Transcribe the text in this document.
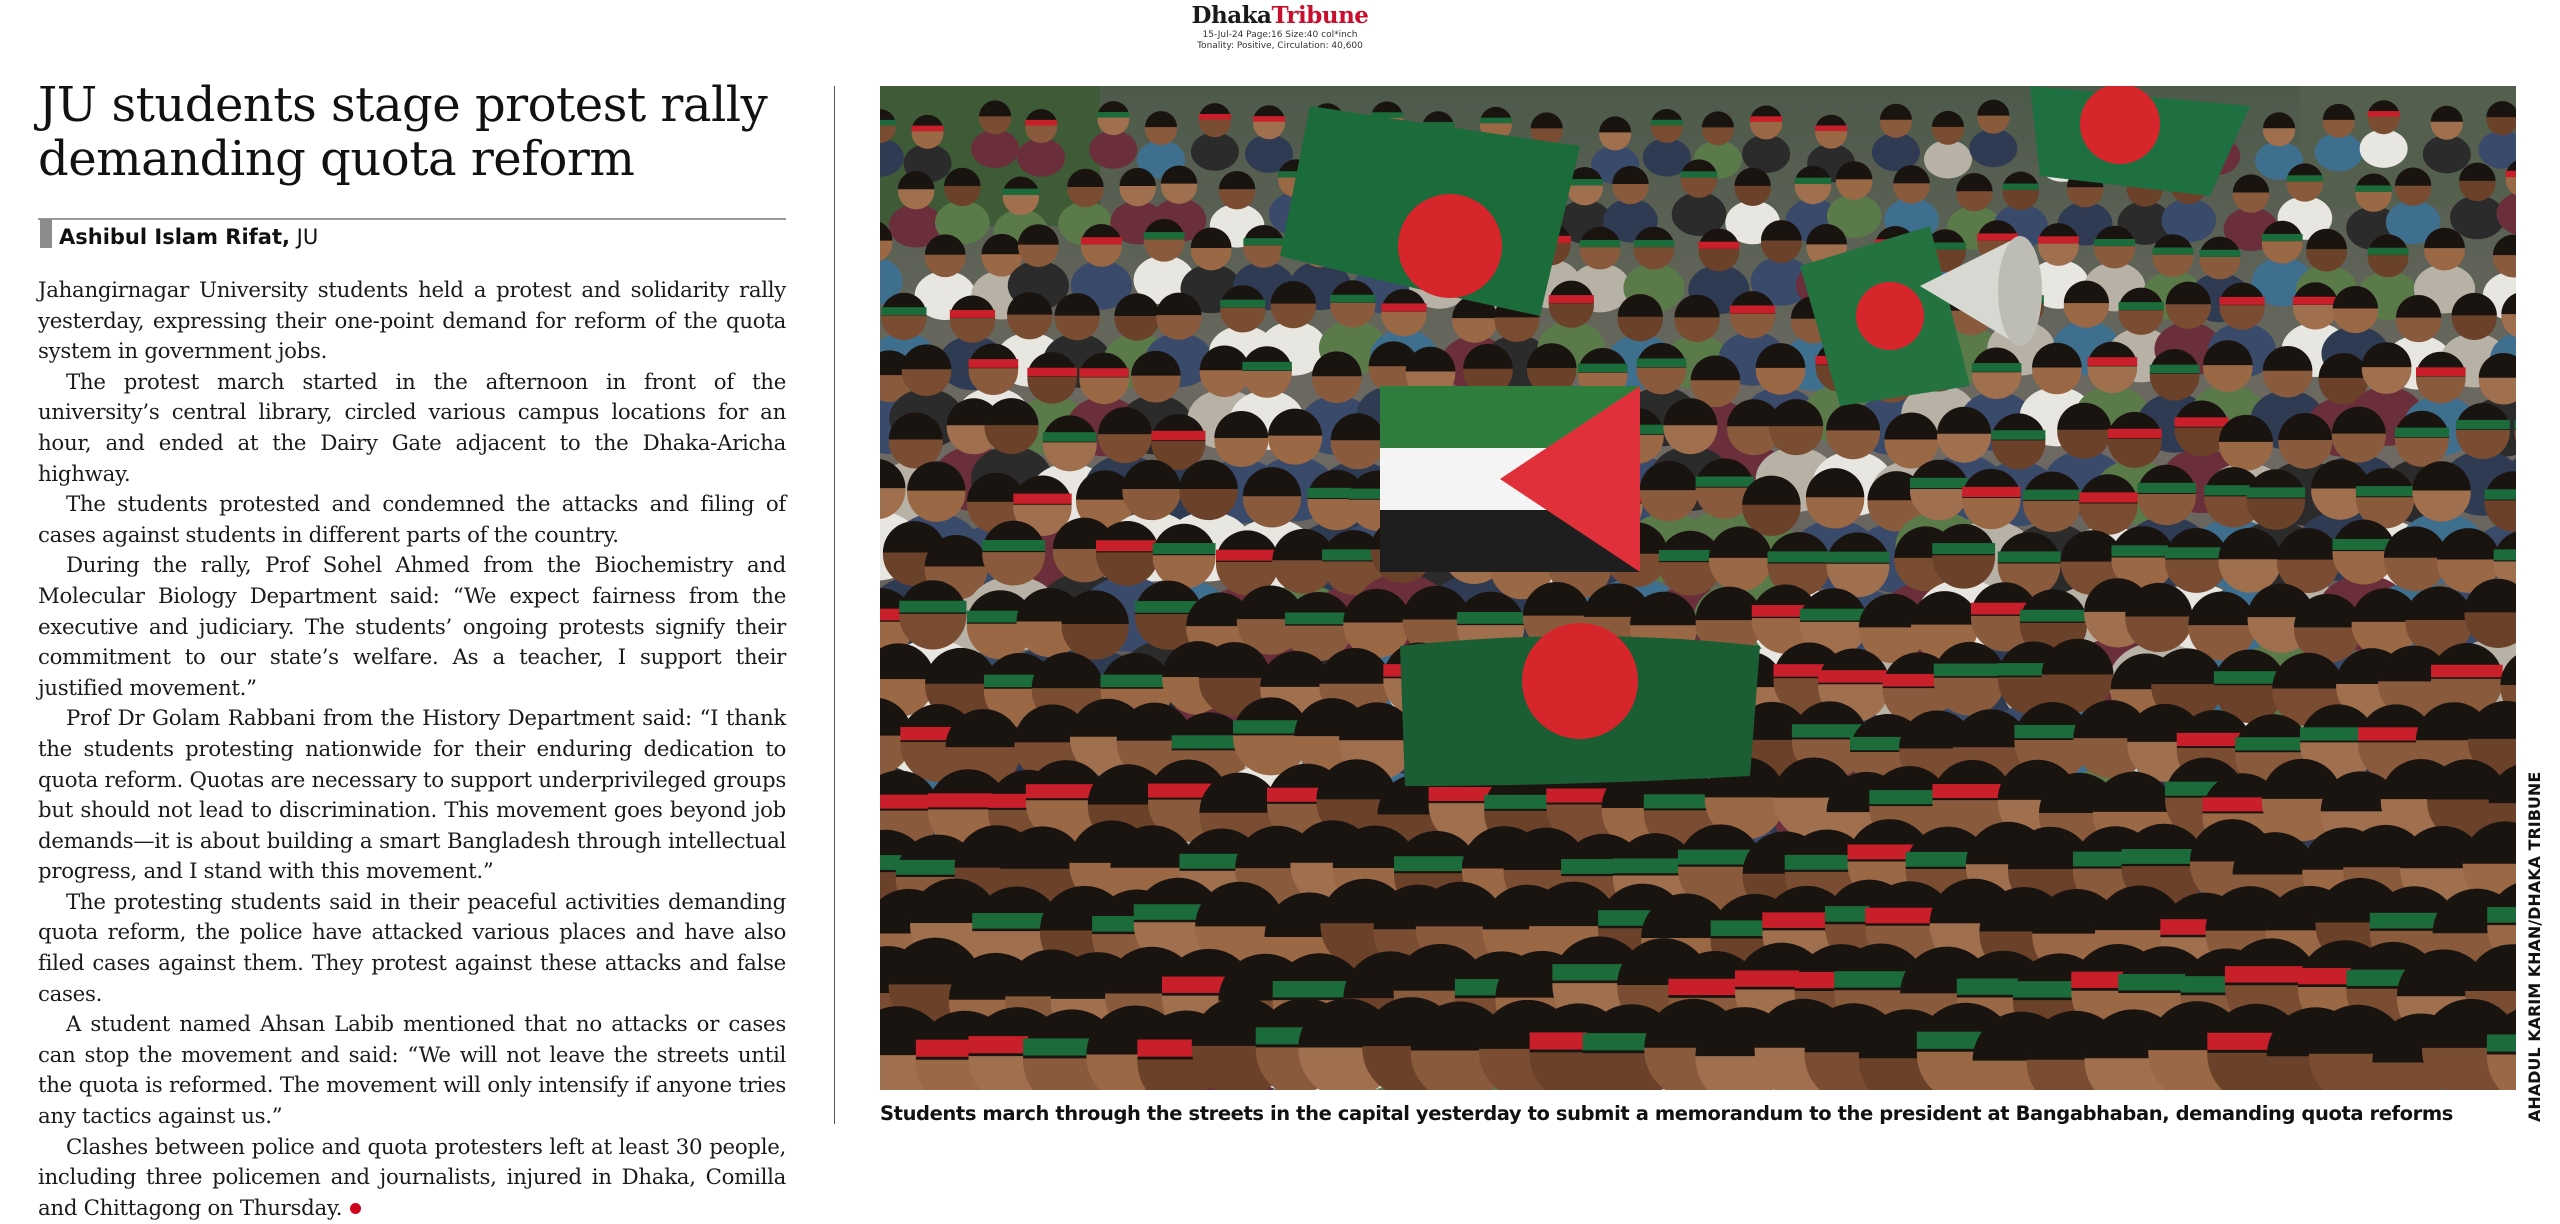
DhakaTribune
15-Jul-24 Page:16 Size:40 col*inch
Tonality: Positive, Circulation: 40,600
JU students stage protest rally demanding quota reform
Ashibul Islam Rifat, JU

Jahangirnagar University students held a protest and solidarity rally yesterday, expressing their one-point demand for reform of the quota system in government jobs.

The protest march started in the afternoon in front of the university’s central library, circled various campus locations for an hour, and ended at the Dairy Gate adjacent to the Dhaka-Aricha highway.

The students protested and condemned the attacks and filing of cases against students in different parts of the country.

During the rally, Prof Sohel Ahmed from the Biochemistry and Molecular Biology Department said: “We expect fairness from the executive and judiciary. The students’ ongoing protests signify their commitment to our state’s welfare. As a teacher, I support their justified movement.”

Prof Dr Golam Rabbani from the History Department said: “I thank the students protesting nationwide for their enduring dedication to quota reform. Quotas are necessary to support underprivileged groups but should not lead to discrimination. This movement goes beyond job demands—it is about building a smart Bangladesh through intellectual progress, and I stand with this movement.”

The protesting students said in their peaceful activities demanding quota reform, the police have attacked various places and have also filed cases against them. They protest against these attacks and false cases.

A student named Ahsan Labib mentioned that no attacks or cases can stop the movement and said: “We will not leave the streets until the quota is reformed. The movement will only intensify if anyone tries any tactics against us.”

Clashes between police and quota protesters left at least 30 people, including three policemen and journalists, injured in Dhaka, Comilla and Chittagong on Thursday.

Students march through the streets in the capital yesterday to submit a memorandum to the president at Bangabhaban, demanding quota reforms	AHADUL KARIM KHAN/DHAKA TRIBUNE
